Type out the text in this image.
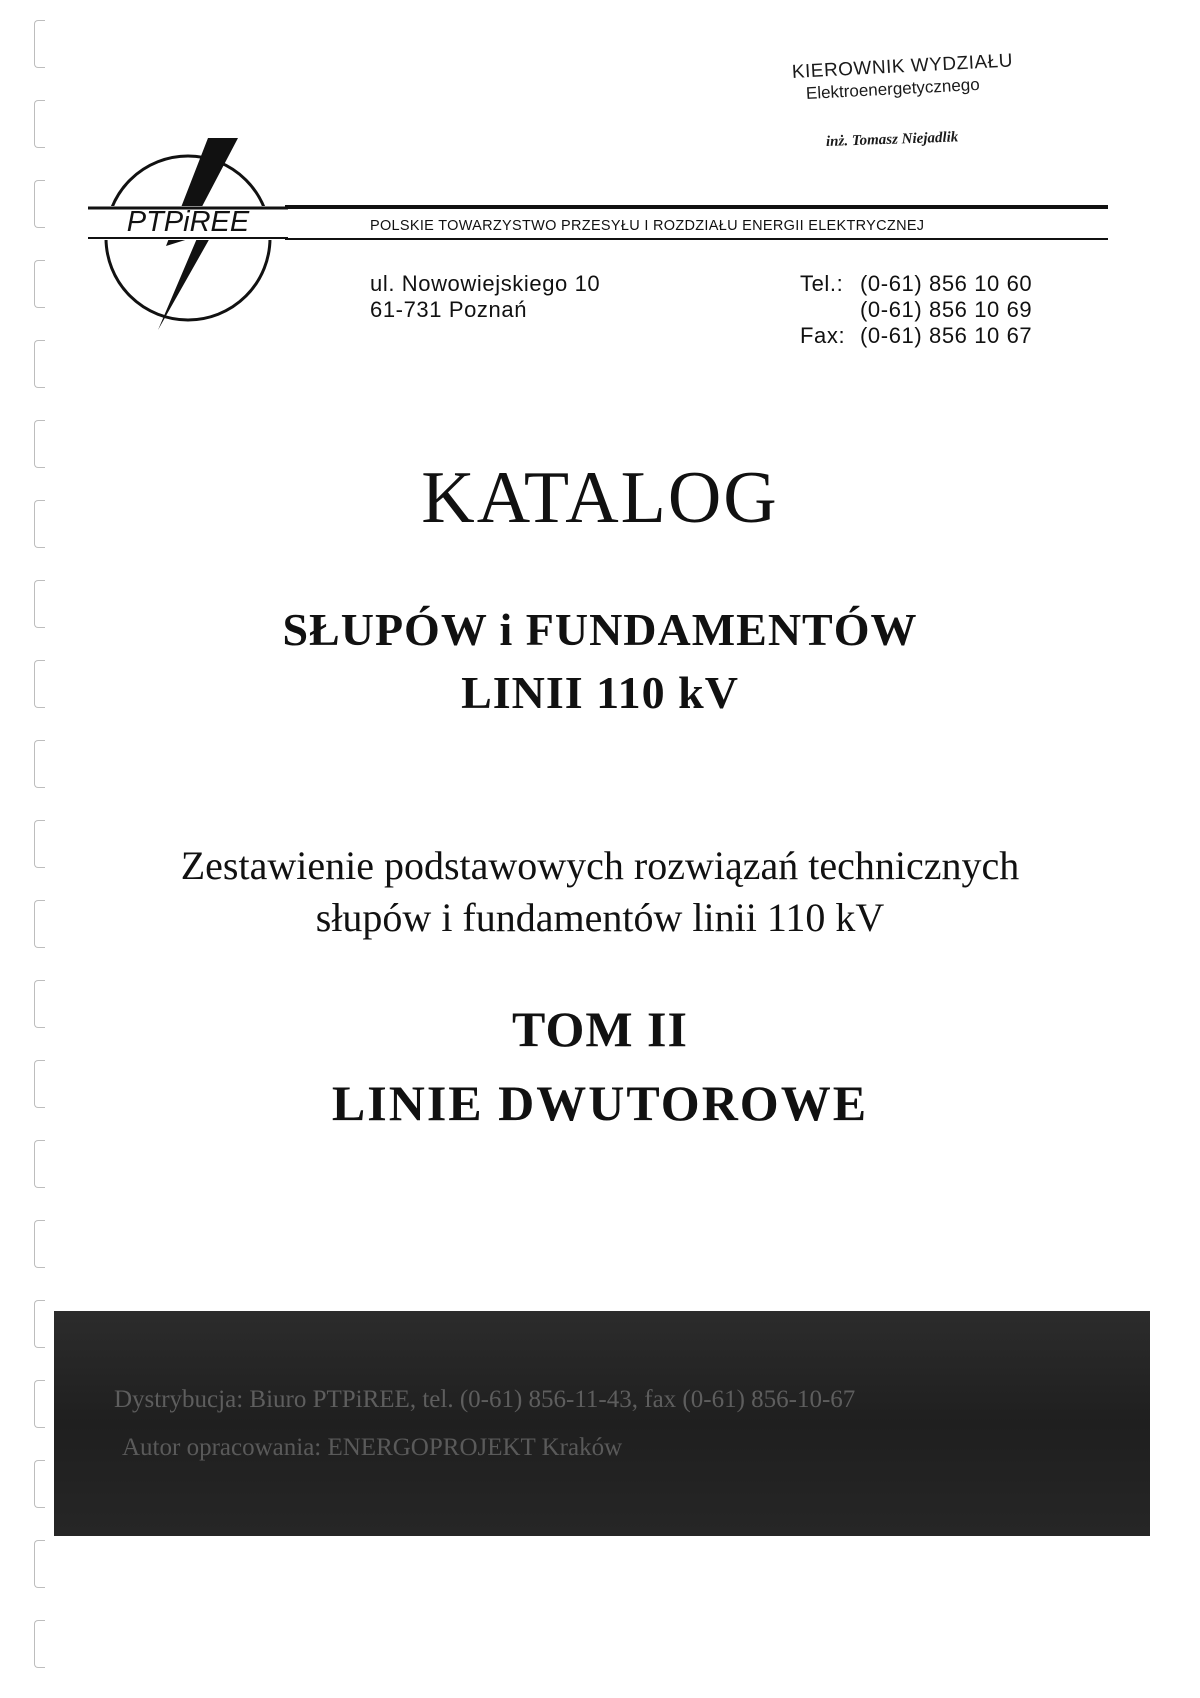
KIEROWNIK WYDZIAŁU
Elektroenergetycznego
inż. Tomasz Niejadlik
PTPiREE	POLSKIE TOWARZYSTWO PRZESYŁU I ROZDZIAŁU ENERGII ELEKTRYCZNEJ
ul. Nowowiejskiego 10
61-731 Poznań
Tel.: (0-61) 856 10 60
(0-61) 856 10 69
Fax: (0-61) 856 10 67
KATALOG
SŁUPÓW i FUNDAMENTÓW
LINII 110 kV
Zestawienie podstawowych rozwiązań technicznych
słupów i fundamentów linii 110 kV
TOM II
LINIE DWUTOROWE
Dystrybucja: Biuro PTPiREE, tel. (0-61) 856-11-43, fax (0-61) 856-10-67
Autor opracowania: ENERGOPROJEKT Kraków
